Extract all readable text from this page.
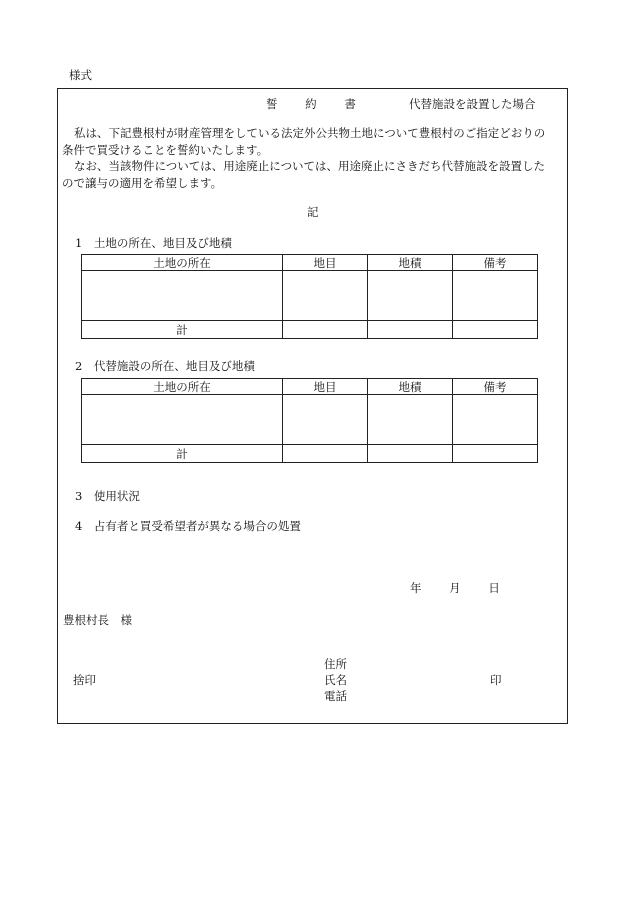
様式
誓 約 書	代替施設を設置した場合
私は、下記豊根村が財産管理をしている法定外公共物土地について豊根村のご指定どおりの
条件で買受けることを誓約いたします。
なお、当該物件については、用途廃止については、用途廃止にさきだち代替施設を設置した
ので譲与の適用を希望します。
記
1　土地の所在、地目及び地積
土地の所在	地目	地積	備考

計			
2　代替施設の所在、地目及び地積
土地の所在	地目	地積	備考

計			
3　使用状況
4　占有者と買受希望者が異なる場合の処置
年 月 日
豊根村長　様
捨印
住所
氏名
電話
印
